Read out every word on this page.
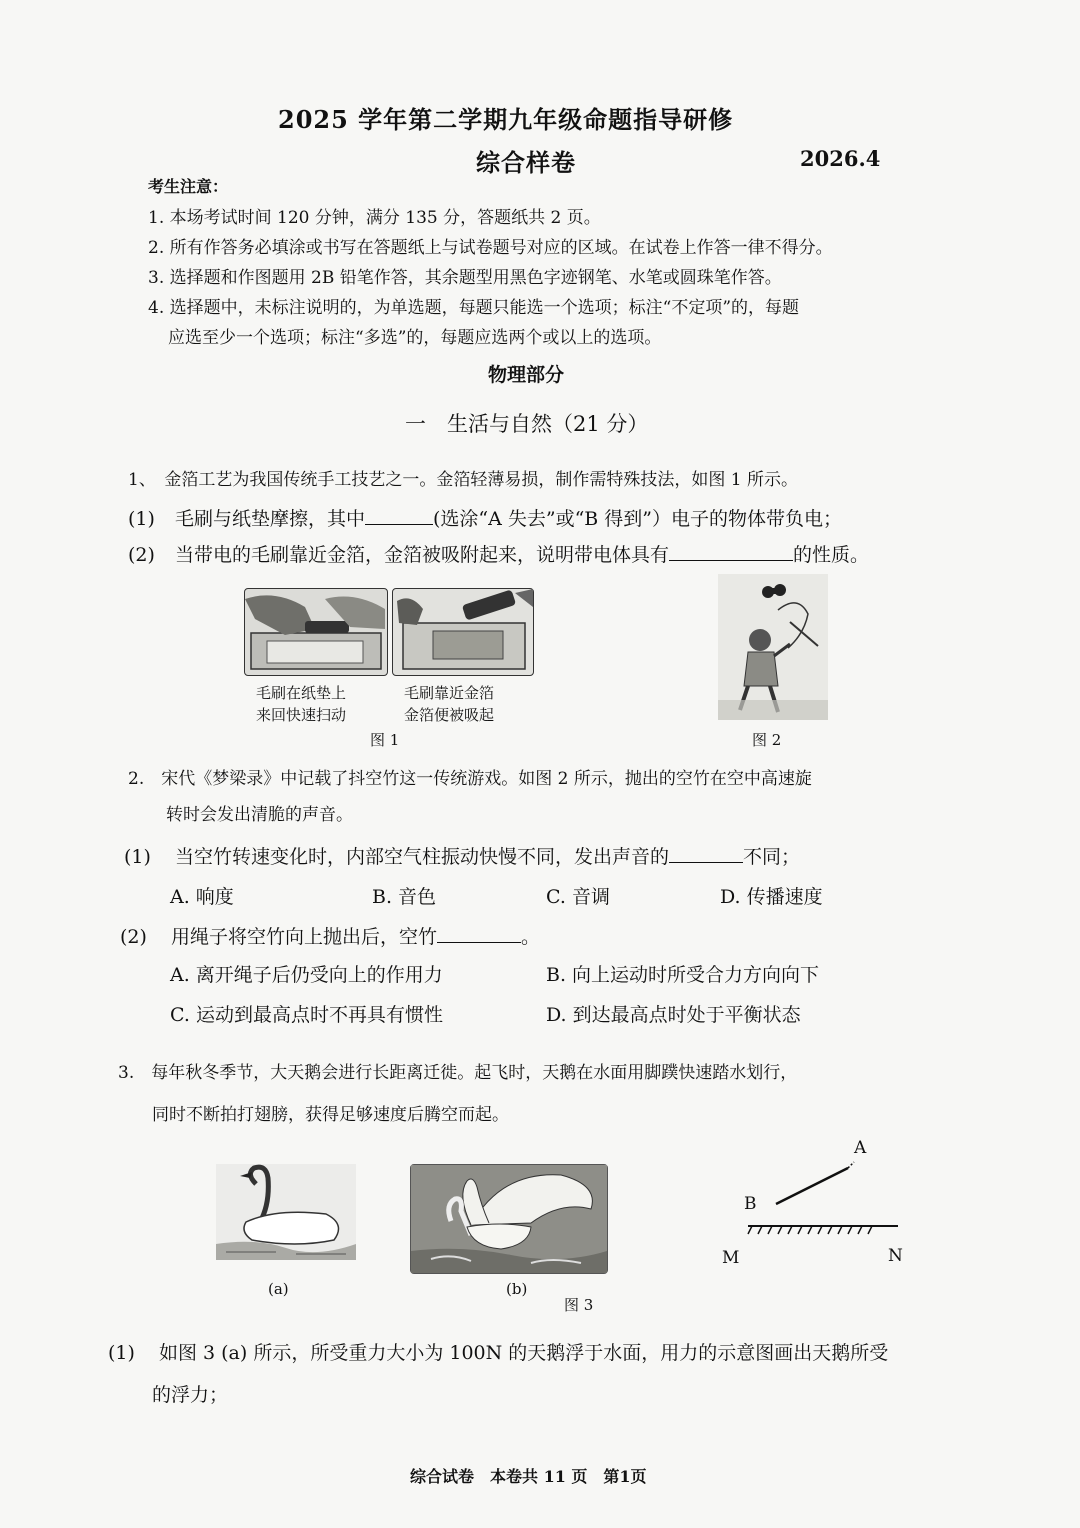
2025 学年第二学期九年级命题指导研修
综合样卷	2026.4
考生注意：
1. 本场考试时间 120 分钟，满分 135 分，答题纸共 2 页。
2. 所有作答务必填涂或书写在答题纸上与试卷题号对应的区域。在试卷上作答一律不得分。
3. 选择题和作图题用 2B 铅笔作答，其余题型用黑色字迹钢笔、水笔或圆珠笔作答。
4. 选择题中，未标注说明的，为单选题，每题只能选一个选项；标注“不定项”的，每题
应选至少一个选项；标注“多选”的，每题应选两个或以上的选项。
物理部分
一　生活与自然（21 分）
1、　金箔工艺为我国传统手工技艺之一。金箔轻薄易损，制作需特殊技法，如图 1 所示。
(1) 毛刷与纸垫摩擦，其中	(选涂“A 失去”或“B 得到”）电子的物体带负电；
(2) 当带电的毛刷靠近金箔，金箔被吸附起来，说明带电体具有	的性质。
毛刷在纸垫上
来回快速扫动
毛刷靠近金箔
金箔便被吸起
图 1	图 2
2.　宋代《梦梁录》中记载了抖空竹这一传统游戏。如图 2 所示，抛出的空竹在空中高速旋
转时会发出清脆的声音。
(1) 当空竹转速变化时，内部空气柱振动快慢不同，发出声音的	不同；
A. 响度	B. 音色	C. 音调	D. 传播速度
(2) 用绳子将空竹向上抛出后，空竹	。
A. 离开绳子后仍受向上的作用力	B. 向上运动时所受合力方向向下
C. 运动到最高点时不再具有惯性	D. 到达最高点时处于平衡状态
3.　每年秋冬季节，大天鹅会进行长距离迁徙。起飞时，天鹅在水面用脚蹼快速踏水划行，
同时不断拍打翅膀，获得足够速度后腾空而起。
A
B
M	N
(a)	(b)
图 3
(1) 如图 3 (a) 所示，所受重力大小为 100N 的天鹅浮于水面，用力的示意图画出天鹅所受
的浮力；
综合试卷　本卷共 11 页　第1页
